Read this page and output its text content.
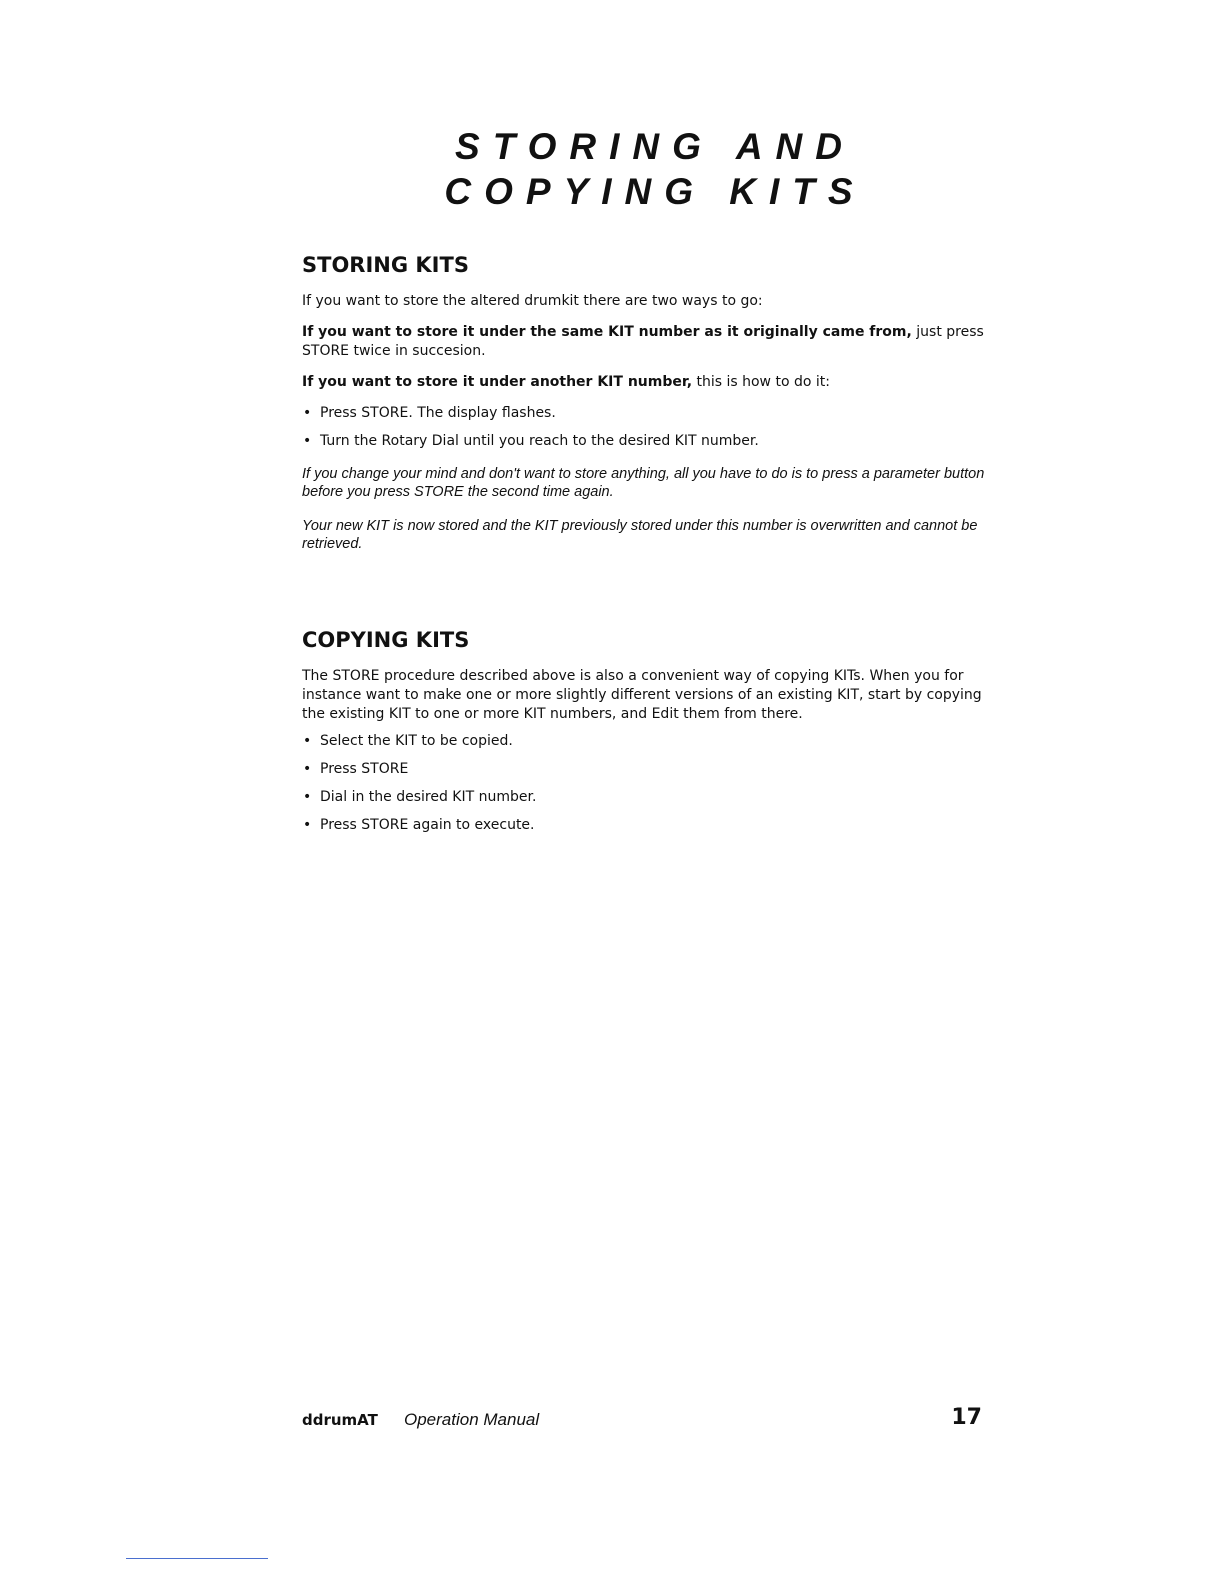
STORING AND
COPYING KITS
STORING KITS

If you want to store the altered drumkit there are two ways to go:

If you want to store it under the same KIT number as it originally came from, just press STORE twice in succesion.

If you want to store it under another KIT number, this is how to do it:

• Press STORE. The display flashes.
• Turn the Rotary Dial until you reach to the desired KIT number.

If you change your mind and don't want to store anything, all you have to do is to press a parameter button before you press STORE the second time again.

Your new KIT is now stored and the KIT previously stored under this number is overwritten and cannot be retrieved.

COPYING KITS

The STORE procedure described above is also a convenient way of copying KITs. When you for instance want to make one or more slightly different versions of an existing KIT, start by copying the existing KIT to one or more KIT numbers, and Edit them from there.

• Select the KIT to be copied.
• Press STORE
• Dial in the desired KIT number.
• Press STORE again to execute.
ddrumAT Operation Manual	17
